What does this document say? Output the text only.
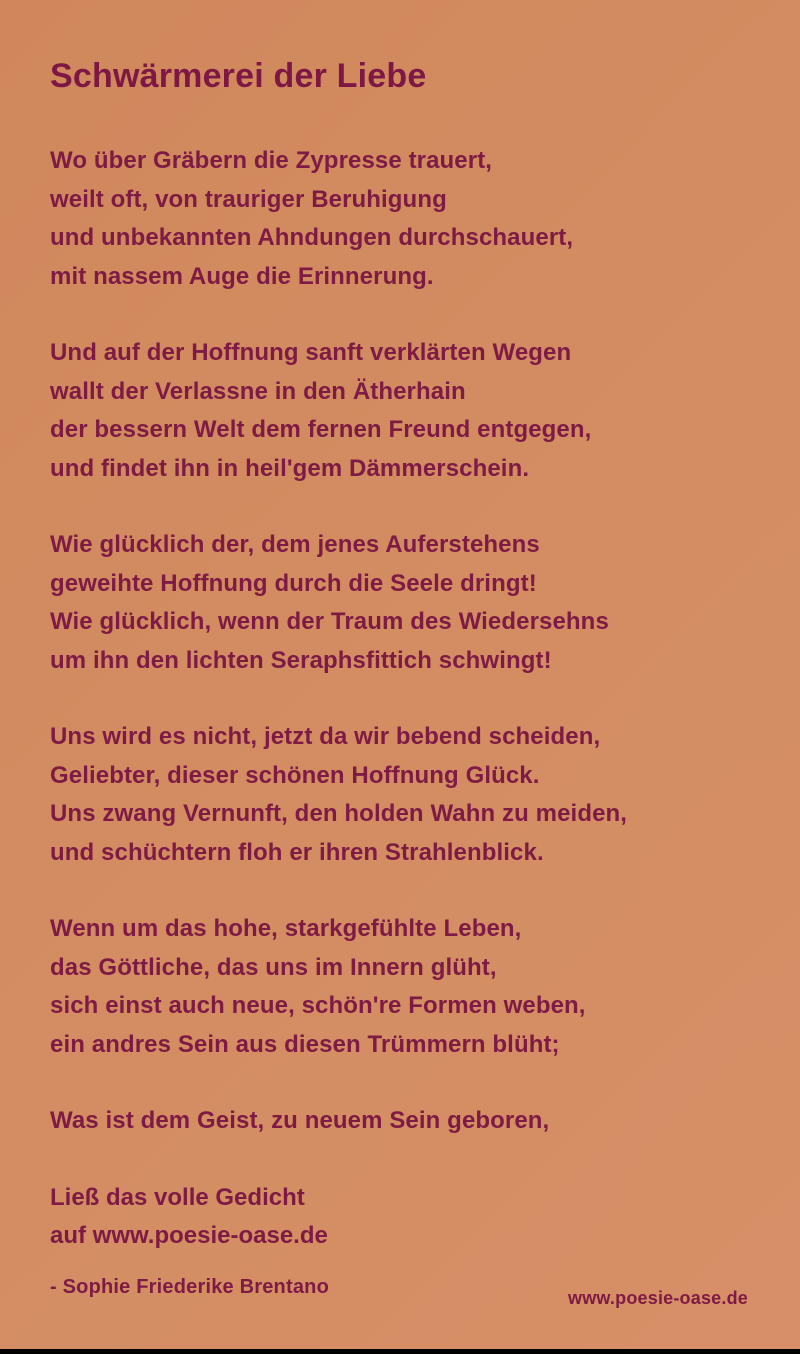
Schwärmerei der Liebe

Wo über Gräbern die Zypresse trauert,

weilt oft, von trauriger Beruhigung

und unbekannten Ahndungen durchschauert,

mit nassem Auge die Erinnerung.

Und auf der Hoffnung sanft verklärten Wegen

wallt der Verlassne in den Ätherhain

der bessern Welt dem fernen Freund entgegen,

und findet ihn in heil'gem Dämmerschein.

Wie glücklich der, dem jenes Auferstehens

geweihte Hoffnung durch die Seele dringt!

Wie glücklich, wenn der Traum des Wiedersehns

um ihn den lichten Seraphsfittich schwingt!

Uns wird es nicht, jetzt da wir bebend scheiden,

Geliebter, dieser schönen Hoffnung Glück.

Uns zwang Vernunft, den holden Wahn zu meiden,

und schüchtern floh er ihren Strahlenblick.

Wenn um das hohe, starkgefühlte Leben,

das Göttliche, das uns im Innern glüht,

sich einst auch neue, schön're Formen weben,

ein andres Sein aus diesen Trümmern blüht;

Was ist dem Geist, zu neuem Sein geboren,

Ließ das volle Gedicht

auf www.poesie-oase.de

- Sophie Friederike Brentano

www.poesie-oase.de
